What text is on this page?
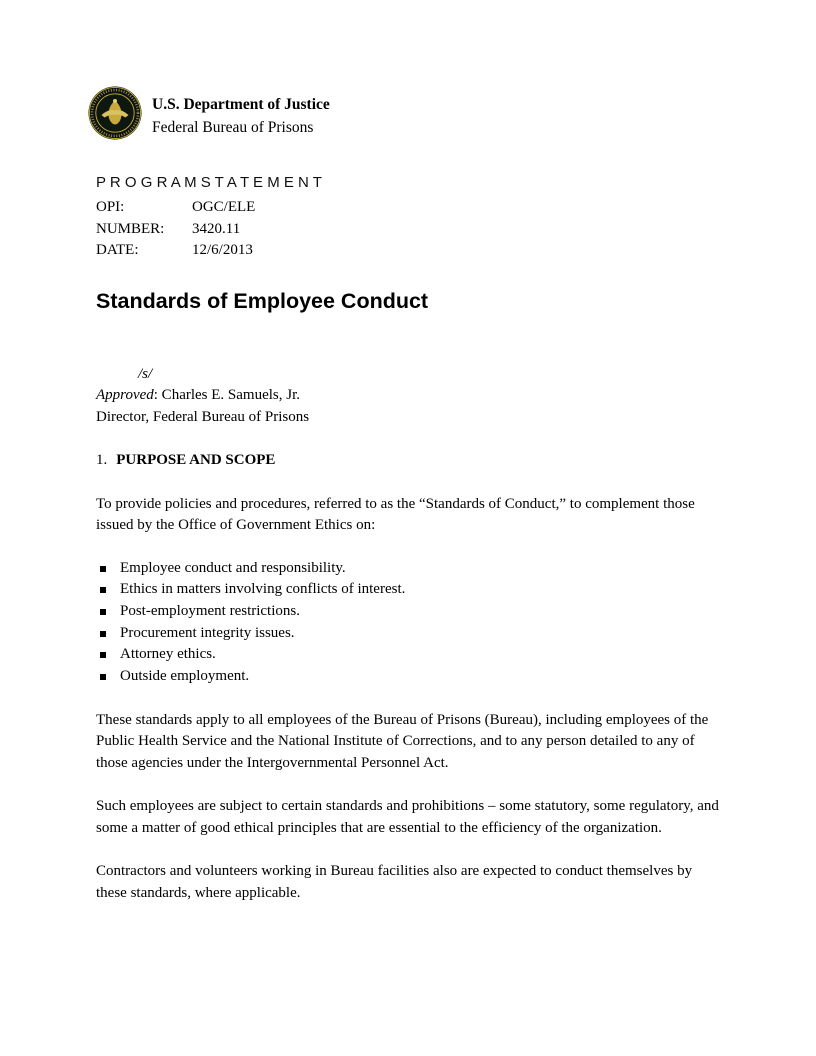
U.S. Department of Justice
Federal Bureau of Prisons
P R O G R A M S T A T E M E N T
OPI:	OGC/ELE
NUMBER:	3420.11
DATE:	12/6/2013
Standards of Employee Conduct
/s/
Approved: Charles E. Samuels, Jr.
Director, Federal Bureau of Prisons
1. PURPOSE AND SCOPE

To provide policies and procedures, referred to as the “Standards of Conduct,” to complement those issued by the Office of Government Ethics on:

Employee conduct and responsibility.
Ethics in matters involving conflicts of interest.
Post-employment restrictions.
Procurement integrity issues.
Attorney ethics.
Outside employment.

These standards apply to all employees of the Bureau of Prisons (Bureau), including employees of the Public Health Service and the National Institute of Corrections, and to any person detailed to any of those agencies under the Intergovernmental Personnel Act.

Such employees are subject to certain standards and prohibitions – some statutory, some regulatory, and some a matter of good ethical principles that are essential to the efficiency of the organization.

Contractors and volunteers working in Bureau facilities also are expected to conduct themselves by these standards, where applicable.
